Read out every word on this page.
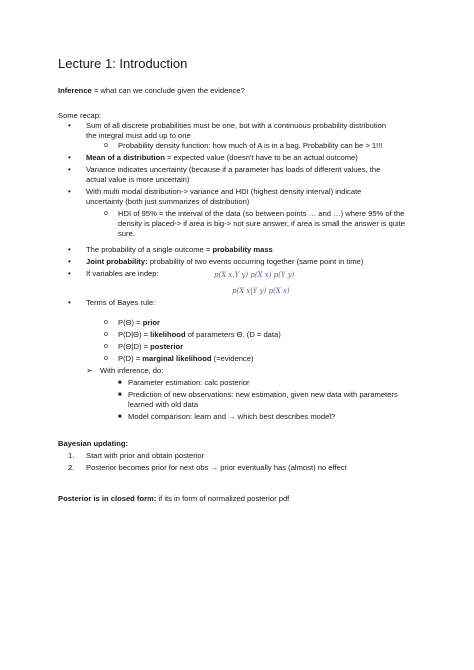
Lecture 1: Introduction
Inference = what can we conclude given the evidence?
Some recap:
• Sum of all discrete probabilities must be one, but with a continuous probability distribution
the integral must add up to one
o Probability density function: how much of A is in a bag. Probability can be > 1!!!
• Mean of a distribution = expected value (doesn't have to be an actual outcome)
• Variance indicates uncertainty (because if a parameter has loads of different values, the
actual value is more uncertain)
• With multi modal distribution-> variance and HDI (highest density interval) indicate
uncertainty (both just summarizes of distribution)
o HDI of 95% = the interval of the data (so between points … and …) where 95% of the
density is placed-> if area is big-> not sure answer, if area is small the answer is quite
sure.
• The probability of a single outcome = probability mass
• Joint probability: probability of two events occurring together (same point in time)
• If variables are indep:	p(X x,Y y) p(X x) p(Y y)
p(X x|Y y) p(X x)
• Terms of Bayes rule:
o P(Θ) = prior
o P(D|Θ) = likelihood of parameters Θ. (D = data)
o P(Θ|D) = posterior
o P(D) = marginal likelihood (=evidence)
➢ With inference, do:
■ Parameter estimation: calc posterior
■ Prediction of new observations: new estimation, given new data with parameters
learned with old data
■ Model comparison: learn and → which best describes model?
Bayesian updating:
1. Start with prior and obtain posterior
2. Posterior becomes prior for next obs → prior eventually has (almost) no effect
Posterior is in closed form: if its in form of normalized posterior pdf
